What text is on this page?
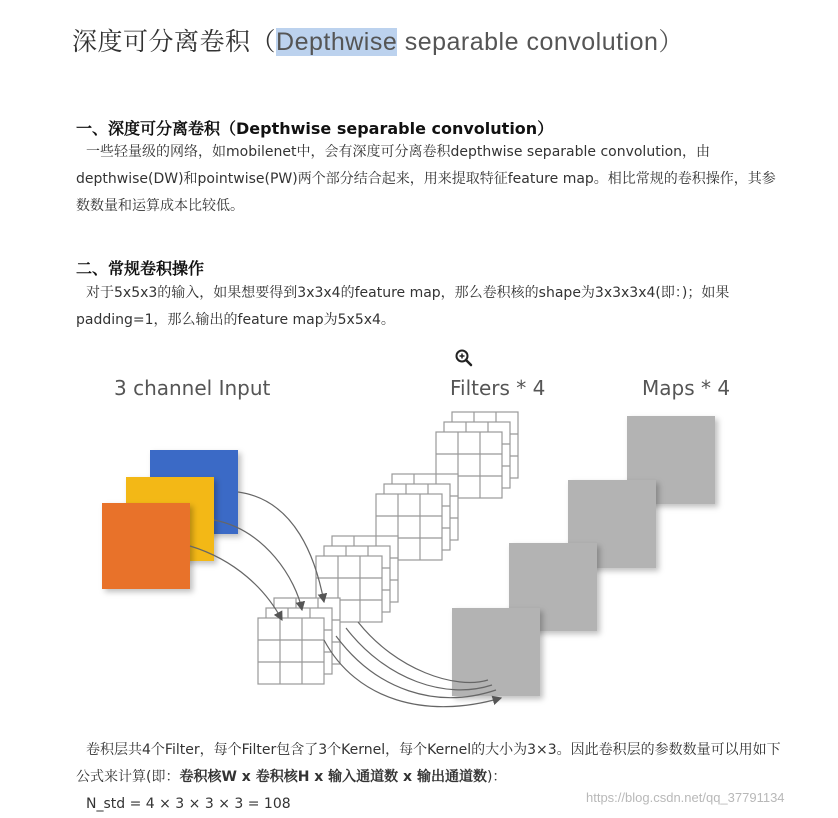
深度可分离卷积（Depthwise separable convolution）
一、深度可分离卷积（Depthwise separable convolution）

一些轻量级的网络，如mobilenet中，会有深度可分离卷积depthwise separable convolution，由depthwise(DW)和pointwise(PW)两个部分结合起来，用来提取特征feature map。相比常规的卷积操作，其参数数量和运算成本比较低。

二、常规卷积操作

对于5x5x3的输入，如果想要得到3x3x4的feature map，那么卷积核的shape为3x3x3x4(即：)；如果padding=1，那么输出的feature map为5x5x4。

3 channel Input	Filters * 4	Maps * 4

卷积层共4个Filter，每个Filter包含了3个Kernel，每个Kernel的大小为3×3。因此卷积层的参数数量可以用如下公式来计算(即：卷积核W x 卷积核H x 输入通道数 x 输出通道数)：

N_std = 4 × 3 × 3 × 3 = 108	https://blog.csdn.net/qq_37791134
